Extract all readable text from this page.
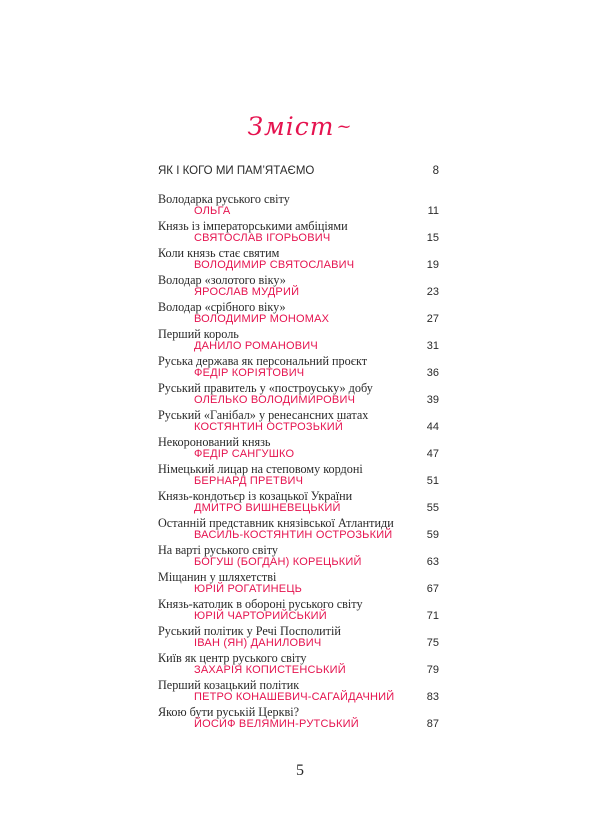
Зміст ~
ЯК І КОГО МИ ПАМ’ЯТАЄМО	8
Володарка руського світу
ОЛЬГА	11
Князь із імператорськими амбіціями
СВЯТОСЛАВ ІГОРЬОВИЧ	15
Коли князь стає святим
ВОЛОДИМИР СВЯТОСЛАВИЧ	19
Володар «золотого віку»
ЯРОСЛАВ МУДРИЙ	23
Володар «срібного віку»
ВОЛОДИМИР МОНОМАХ	27
Перший король
ДАНИЛО РОМАНОВИЧ	31
Руська держава як персональний проєкт
ФЕДІР КОРІЯТОВИЧ	36
Руський правитель у «построуську» добу
ОЛЕЛЬКО ВОЛОДИМИРОВИЧ	39
Руський «Ганібал» у ренесансних шатах
КОСТЯНТИН ОСТРОЗЬКИЙ	44
Некоронований князь
ФЕДІР САНГУШКО	47
Німецький лицар на степовому кордоні
БЕРНАРД ПРЕТВИЧ	51
Князь-кондотьєр із козацької України
ДМИТРО ВИШНЕВЕЦЬКИЙ	55
Останній представник князівської Атлантиди
ВАСИЛЬ-КОСТЯНТИН ОСТРОЗЬКИЙ	59
На варті руського світу
БОГУШ (БОГДАН) КОРЕЦЬКИЙ	63
Міщанин у шляхетстві
ЮРІЙ РОГАТИНЕЦЬ	67
Князь-католик в обороні руського світу
ЮРІЙ ЧАРТОРИЙСЬКИЙ	71
Руський політик у Речі Посполитій
ІВАН (ЯН) ДАНИЛОВИЧ	75
Київ як центр руського світу
ЗАХАРІЯ КОПИСТЕНСЬКИЙ	79
Перший козацький політик
ПЕТРО КОНАШЕВИЧ-САГАЙДАЧНИЙ	83
Якою бути руській Церкві?
ЙОСИФ ВЕЛЯМИН-РУТСЬКИЙ	87
5
